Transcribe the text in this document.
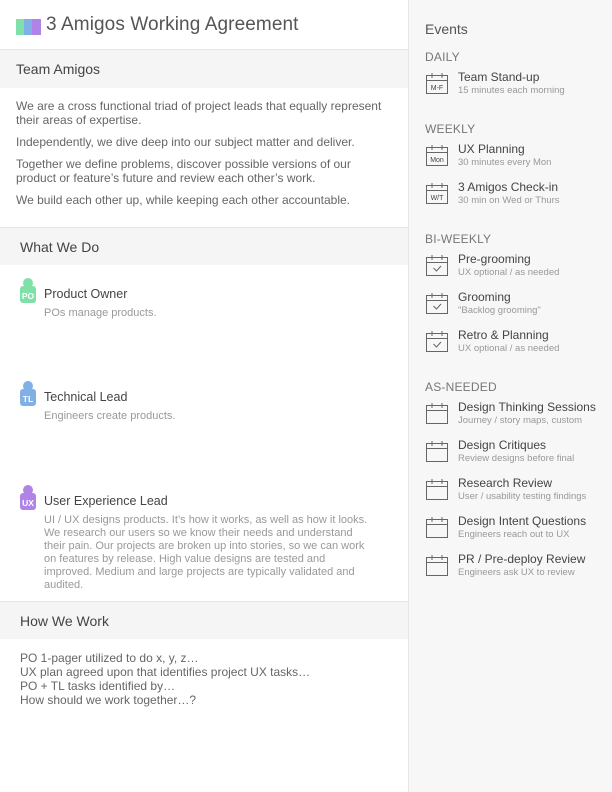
3 Amigos Working Agreement
Team Amigos

We are a cross functional triad of project leads that equally represent their areas of expertise.

Independently, we dive deep into our subject matter and deliver.

Together we define problems, discover possible versions of our product or feature’s future and review each other’s work.

We build each other up, while keeping each other accountable.

What We Do
PO Product Owner
POs manage products.
TL Technical Lead
Engineers create products.
UX User Experience Lead
UI / UX designs products. It’s how it works, as well as how it looks. We research our users so we know their needs and understand their pain. Our projects are broken up into stories, so we can work on features by release. High value designs are tested and improved. Medium and large projects are typically validated and audited.
How We Work
PO 1-pager utilized to do x, y, z…
UX plan agreed upon that identifies project UX tasks…
PO + TL tasks identified by…
How should we work together…?
Events
DAILY
M-F
Team Stand-up
15 minutes each morning
WEEKLY
Mon
UX Planning
30 minutes every Mon
W/T
3 Amigos Check-in
30 min on Wed or Thurs
BI-WEEKLY
Pre-grooming
UX optional / as needed
Grooming
"Backlog grooming"
Retro & Planning
UX optional / as needed
AS-NEEDED
Design Thinking Sessions
Journey / story maps, custom
Design Critiques
Review designs before final
Research Review
User / usability testing findings
Design Intent Questions
Engineers reach out to UX
PR / Pre-deploy Review
Engineers ask UX to review
